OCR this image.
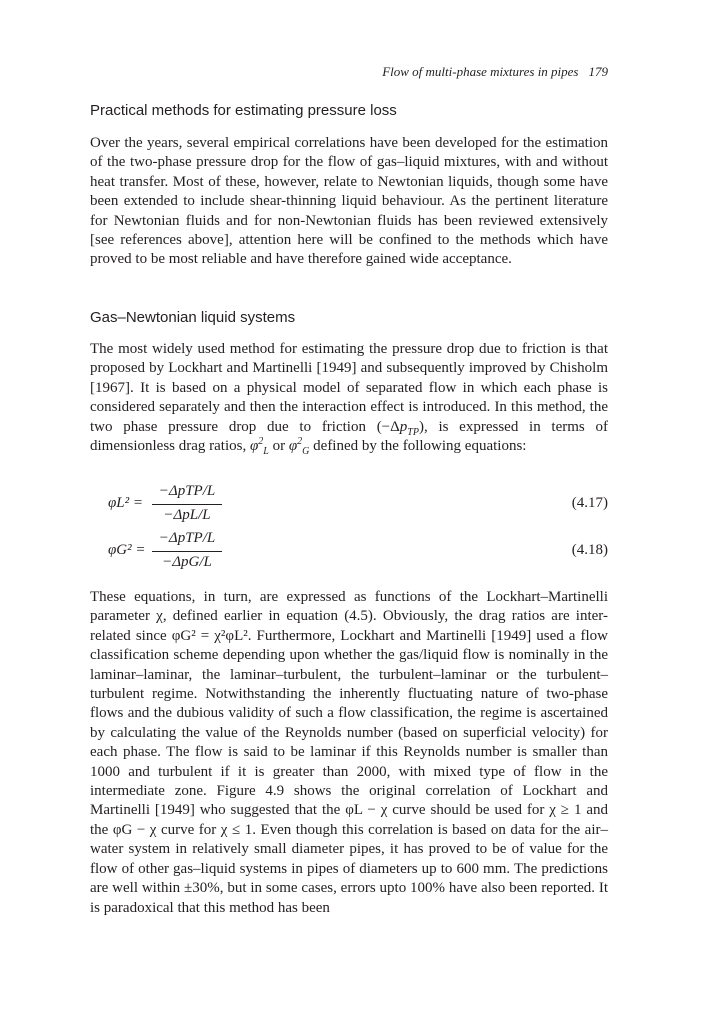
Flow of multi-phase mixtures in pipes 179
Practical methods for estimating pressure loss

Over the years, several empirical correlations have been developed for the estimation of the two-phase pressure drop for the flow of gas–liquid mixtures, with and without heat transfer. Most of these, however, relate to Newtonian liquids, though some have been extended to include shear-thinning liquid behaviour. As the pertinent literature for Newtonian fluids and for non-Newtonian fluids has been reviewed extensively [see references above], attention here will be confined to the methods which have proved to be most reliable and have therefore gained wide acceptance.

Gas–Newtonian liquid systems

The most widely used method for estimating the pressure drop due to friction is that proposed by Lockhart and Martinelli [1949] and subsequently improved by Chisholm [1967]. It is based on a physical model of separated flow in which each phase is considered separately and then the interaction effect is introduced. In this method, the two phase pressure drop due to friction $(-\Delta p_{TP})$, is expressed in terms of dimensionless drag ratios, $\varphi^2_L$ or $\varphi^2_G$ defined by the following equations:

φL² =
−ΔpTP/L
−ΔpL/L
(4.17)
φG² =
−ΔpTP/L
−ΔpG/L
(4.18)

These equations, in turn, are expressed as functions of the Lockhart–Martinelli parameter χ, defined earlier in equation (4.5). Obviously, the drag ratios are inter-related since φG² = χ²φL². Furthermore, Lockhart and Martinelli [1949] used a flow classification scheme depending upon whether the gas/liquid flow is nominally in the laminar–laminar, the laminar–turbulent, the turbulent–laminar or the turbulent–turbulent regime. Notwithstanding the inherently fluctuating nature of two-phase flows and the dubious validity of such a flow classification, the regime is ascertained by calculating the value of the Reynolds number (based on superficial velocity) for each phase. The flow is said to be laminar if this Reynolds number is smaller than 1000 and turbulent if it is greater than 2000, with mixed type of flow in the intermediate zone. Figure 4.9 shows the original correlation of Lockhart and Martinelli [1949] who suggested that the φL − χ curve should be used for χ ≥ 1 and the φG − χ curve for χ ≤ 1. Even though this correlation is based on data for the air–water system in relatively small diameter pipes, it has proved to be of value for the flow of other gas–liquid systems in pipes of diameters up to 600 mm. The predictions are well within ±30%, but in some cases, errors upto 100% have also been reported. It is paradoxical that this method has been
